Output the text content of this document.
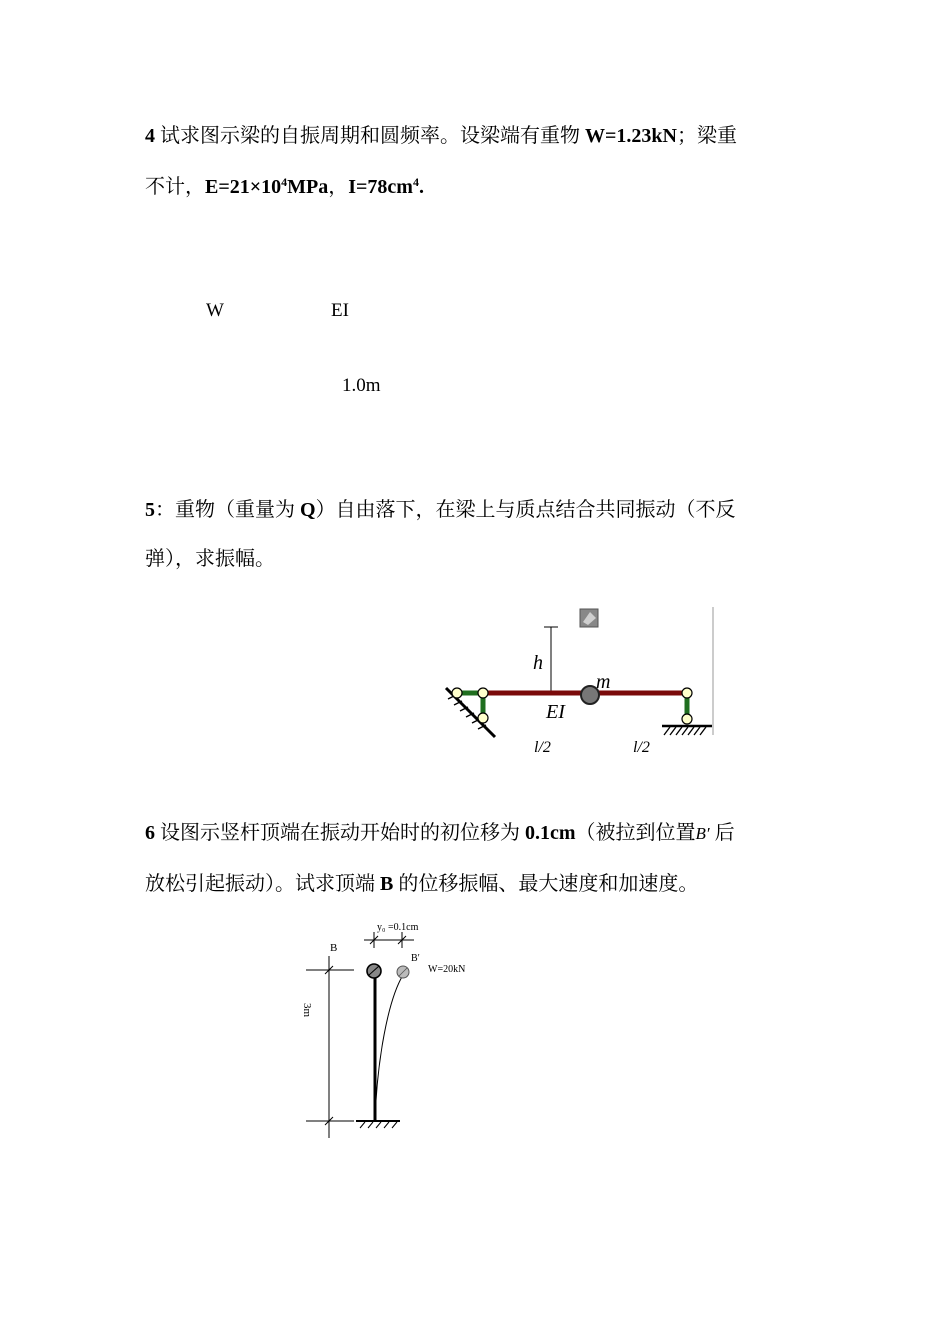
4 试求图示梁的自振周期和圆频率。设梁端有重物 W=1.23kN；梁重
不计，$E=21\times 10^4MPa$，$I=78cm^4$.
W	EI
1.0m
5：重物（重量为 Q）自由落下，在梁上与质点结合共同振动（不反
弹），求振幅。
h
m
EI
l/2	l/2
6 设图示竖杆顶端在振动开始时的初位移为 0.1cm（被拉到位置B′ 后
放松引起振动）。试求顶端 B 的位移振幅、最大速度和加速度。
y₀ =0.1cm
B
B′
W=20kN
3m
